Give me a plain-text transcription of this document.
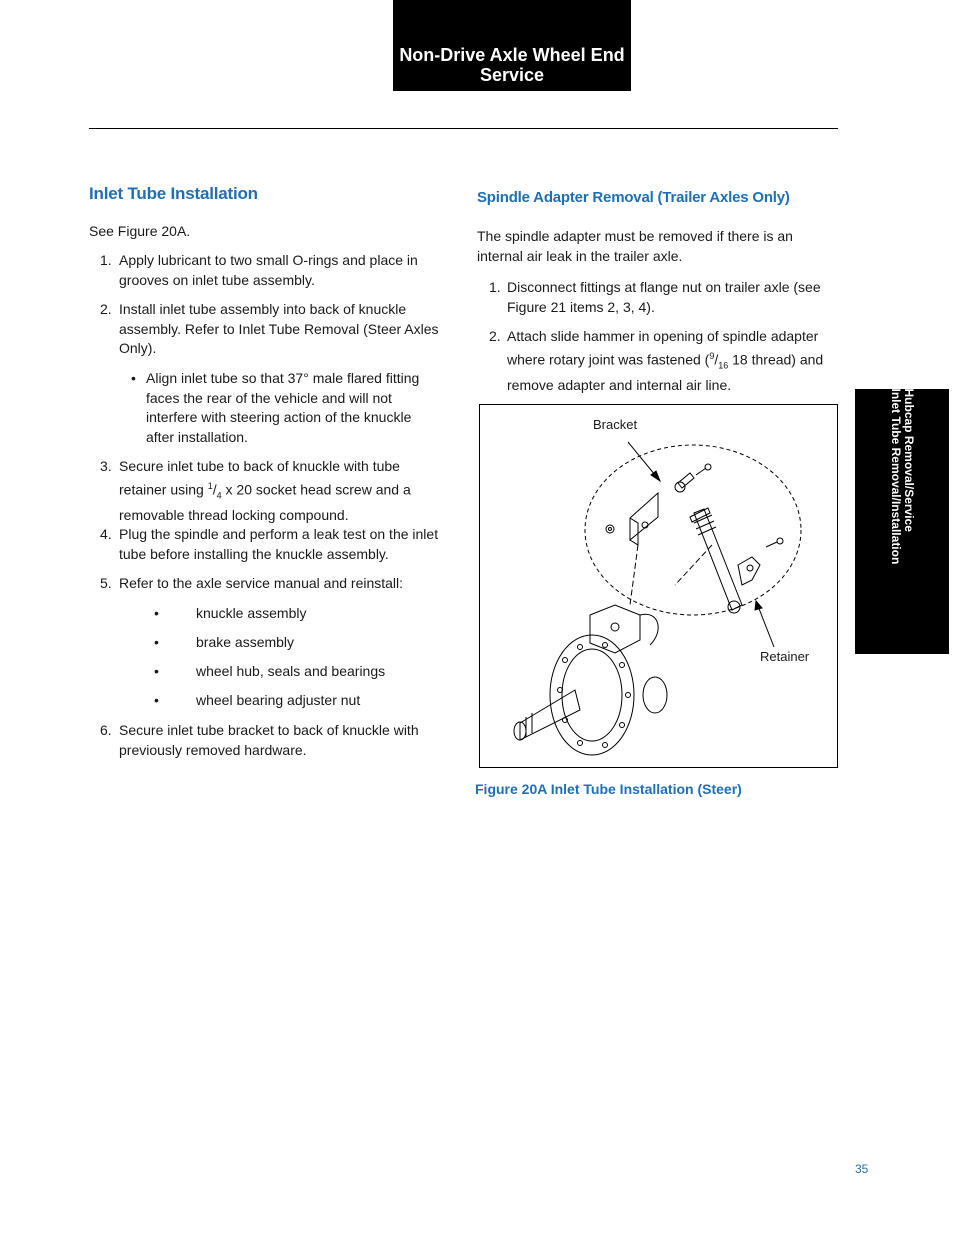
Non-Drive Axle Wheel End
Service
Hubcap Removal/Service
Inlet Tube Removal/Installation
Inlet Tube Installation
See Figure 20A.
1. Apply lubricant to two small O-rings and place in grooves on inlet tube assembly.
2. Install inlet tube assembly into back of knuckle assembly. Refer to Inlet Tube Removal (Steer Axles Only).
• Align inlet tube so that 37° male flared fitting faces the rear of the vehicle and will not interfere with steering action of the knuckle after installation.
3. Secure inlet tube to back of knuckle with tube retainer using $^1/_4$ x 20 socket head screw and a removable thread locking compound.
4. Plug the spindle and perform a leak test on the inlet tube before installing the knuckle assembly.
5. Refer to the axle service manual and reinstall:
•	knuckle assembly
•	brake assembly
•	wheel hub, seals and bearings
•	wheel bearing adjuster nut
6. Secure inlet tube bracket to back of knuckle with previously removed hardware.
Spindle Adapter Removal (Trailer Axles Only)
The spindle adapter must be removed if there is an internal air leak in the trailer axle.
1. Disconnect fittings at flange nut on trailer axle (see Figure 21 items 2, 3, 4).
2. Attach slide hammer in opening of spindle adapter where rotary joint was fastened ($^9/_{16}$ 18 thread) and remove adapter and internal air line.
Bracket
Retainer
Figure 20A Inlet Tube Installation (Steer)
35
